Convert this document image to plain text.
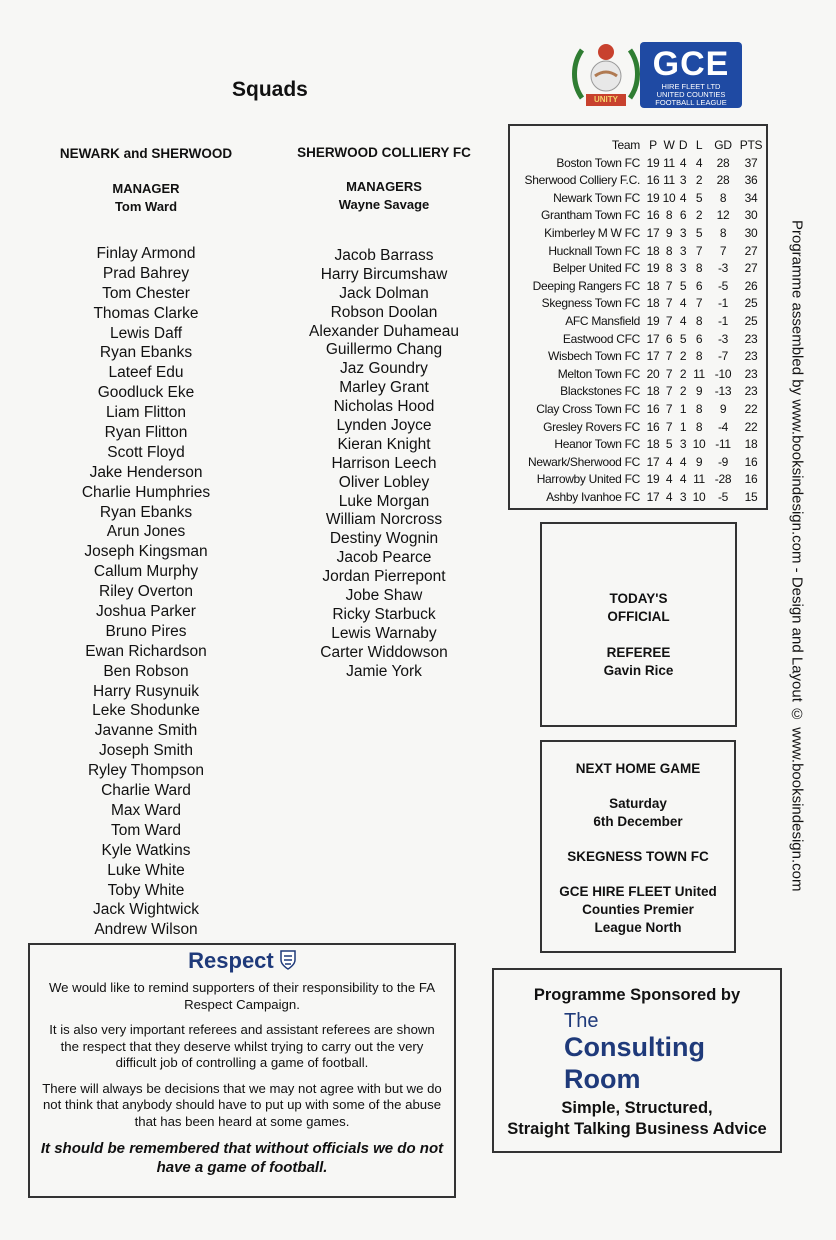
Squads
NEWARK and SHERWOOD
MANAGER
Tom Ward
Finlay Armond
Prad Bahrey
Tom Chester
Thomas Clarke
Lewis Daff
Ryan Ebanks
Lateef Edu
Goodluck Eke
Liam Flitton
Ryan Flitton
Scott Floyd
Jake Henderson
Charlie Humphries
Ryan Ebanks
Arun Jones
Joseph Kingsman
Callum Murphy
Riley Overton
Joshua Parker
Bruno Pires
Ewan Richardson
Ben Robson
Harry Rusynuik
Leke Shodunke
Javanne Smith
Joseph Smith
Ryley Thompson
Charlie Ward
Max Ward
Tom Ward
Kyle Watkins
Luke White
Toby White
Jack Wightwick
Andrew Wilson
SHERWOOD COLLIERY FC
MANAGERS
Wayne Savage
Jacob Barrass
Harry Bircumshaw
Jack Dolman
Robson Doolan
Alexander Duhameau
Guillermo Chang
Jaz Goundry
Marley Grant
Nicholas Hood
Lynden Joyce
Kieran Knight
Harrison Leech
Oliver Lobley
Luke Morgan
William Norcross
Destiny Wognin
Jacob Pearce
Jordan Pierrepont
Jobe Shaw
Ricky Starbuck
Lewis Warnaby
Carter Widdowson
Jamie York
UNITY
GCE
HIRE FLEET LTD
UNITED COUNTIES
FOOTBALL LEAGUE
Team P W D L	GD PTS
Boston Town FC 19 11 4 4	28	37
Sherwood Colliery F.C. 16 11 3 2	28	36
Newark Town FC 19 10 4 5	8	34
Grantham Town FC 16 8 6 2	12	30
Kimberley M W FC 17 9 3 5	8	30
Hucknall Town FC 18 8 3 7	7	27
Belper United FC 19 8 3 8	-3	27
Deeping Rangers FC 18 7 5 6	-5	26
Skegness Town FC 18 7 4 7	-1	25
AFC Mansfield 19 7 4 8	-1	25
Eastwood CFC 17 6 5 6	-3	23
Wisbech Town FC 17 7 2 8	-7	23
Melton Town FC 20 7 2 11 -10	23
Blackstones FC 18 7 2 9	-13	23
Clay Cross Town FC 16 7 1 8	9	22
Gresley Rovers FC 16 7 1 8	-4	22
Heanor Town FC 18 5 3 10 -11	18
Newark/Sherwood FC 17 4 4 9	-9	16
Harrowby United FC 19 4 4 11 -28	16
Ashby Ivanhoe FC 17 4 3 10	-5	15
TODAY'S
OFFICIAL
REFEREE
Gavin Rice
NEXT HOME GAME
Saturday
6th December
SKEGNESS TOWN FC
GCE HIRE FLEET United
Counties Premier
League North
Respect

We would like to remind supporters of their responsibility to the FA Respect Campaign.

It is also very important referees and assistant referees are shown the respect that they deserve whilst trying to carry out the very difficult job of controlling a game of football.

There will always be decisions that we may not agree with but we do not think that anybody should have to put up with some of the abuse that has been heard at some games.

It should be remembered that without officials we do not have a game of football.

Programme Sponsored by
The
Consulting
Room
Simple, Structured,
Straight Talking Business Advice
Programme assembled by www.booksindesign.com - Design and Layout © www.booksindesign.com
